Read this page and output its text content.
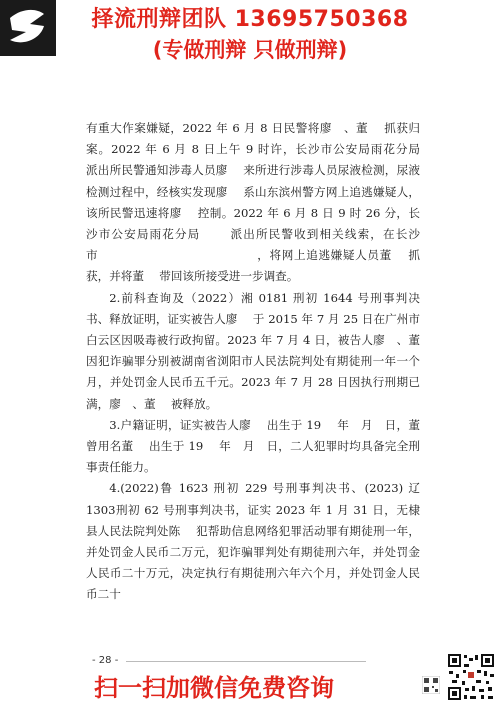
择流刑辩团队 13695750368
(专做刑辩 只做刑辩)

有重大作案嫌疑，2022 年 6 月 8 日民警将廖　、董　 抓获归案。2022 年 6 月 8 日上午 9 时许，长沙市公安局雨花分局　　派出所民警通知涉毒人员廖　 来所进行涉毒人员尿液检测，尿液检测过程中，经核实发现廖　 系山东滨州警方网上追逃嫌疑人，该所民警迅速将廖　 控制。2022 年 6 月 8 日 9 时 26 分，长沙市公安局雨花分局　　 派出所民警收到相关线索，在长沙市　　　　　　　　　　　　　，将网上追逃嫌疑人员董　 抓获，并将董　 带回该所接受进一步调查。

2.前科查询及（2022）湘 0181 刑初 1644 号刑事判决书、释放证明，证实被告人廖　 于 2015 年 7 月 25 日在广州市白云区因吸毒被行政拘留。2023 年 7 月 4 日，被告人廖　、董　因犯诈骗罪分别被湖南省浏阳市人民法院判处有期徒刑一年一个月，并处罚金人民币五千元。2023 年 7 月 28 日因执行刑期已满，廖　、董　 被释放。

3.户籍证明，证实被告人廖　 出生于 19　 年　月　日，董　 曾用名董　 出生于 19　 年　月　日，二人犯罪时均具备完全刑事责任能力。

4.(2022)鲁 1623 刑初 229 号刑事判决书、(2023) 辽 1303刑初 62 号刑事判决书，证实 2023 年 1 月 31 日，无棣县人民法院判处陈　 犯帮助信息网络犯罪活动罪有期徒刑一年，并处罚金人民币二万元，犯诈骗罪判处有期徒刑六年，并处罚金人民币二十万元，决定执行有期徒刑六年六个月，并处罚金人民币二十

- 28 -
扫一扫加微信免费咨询
